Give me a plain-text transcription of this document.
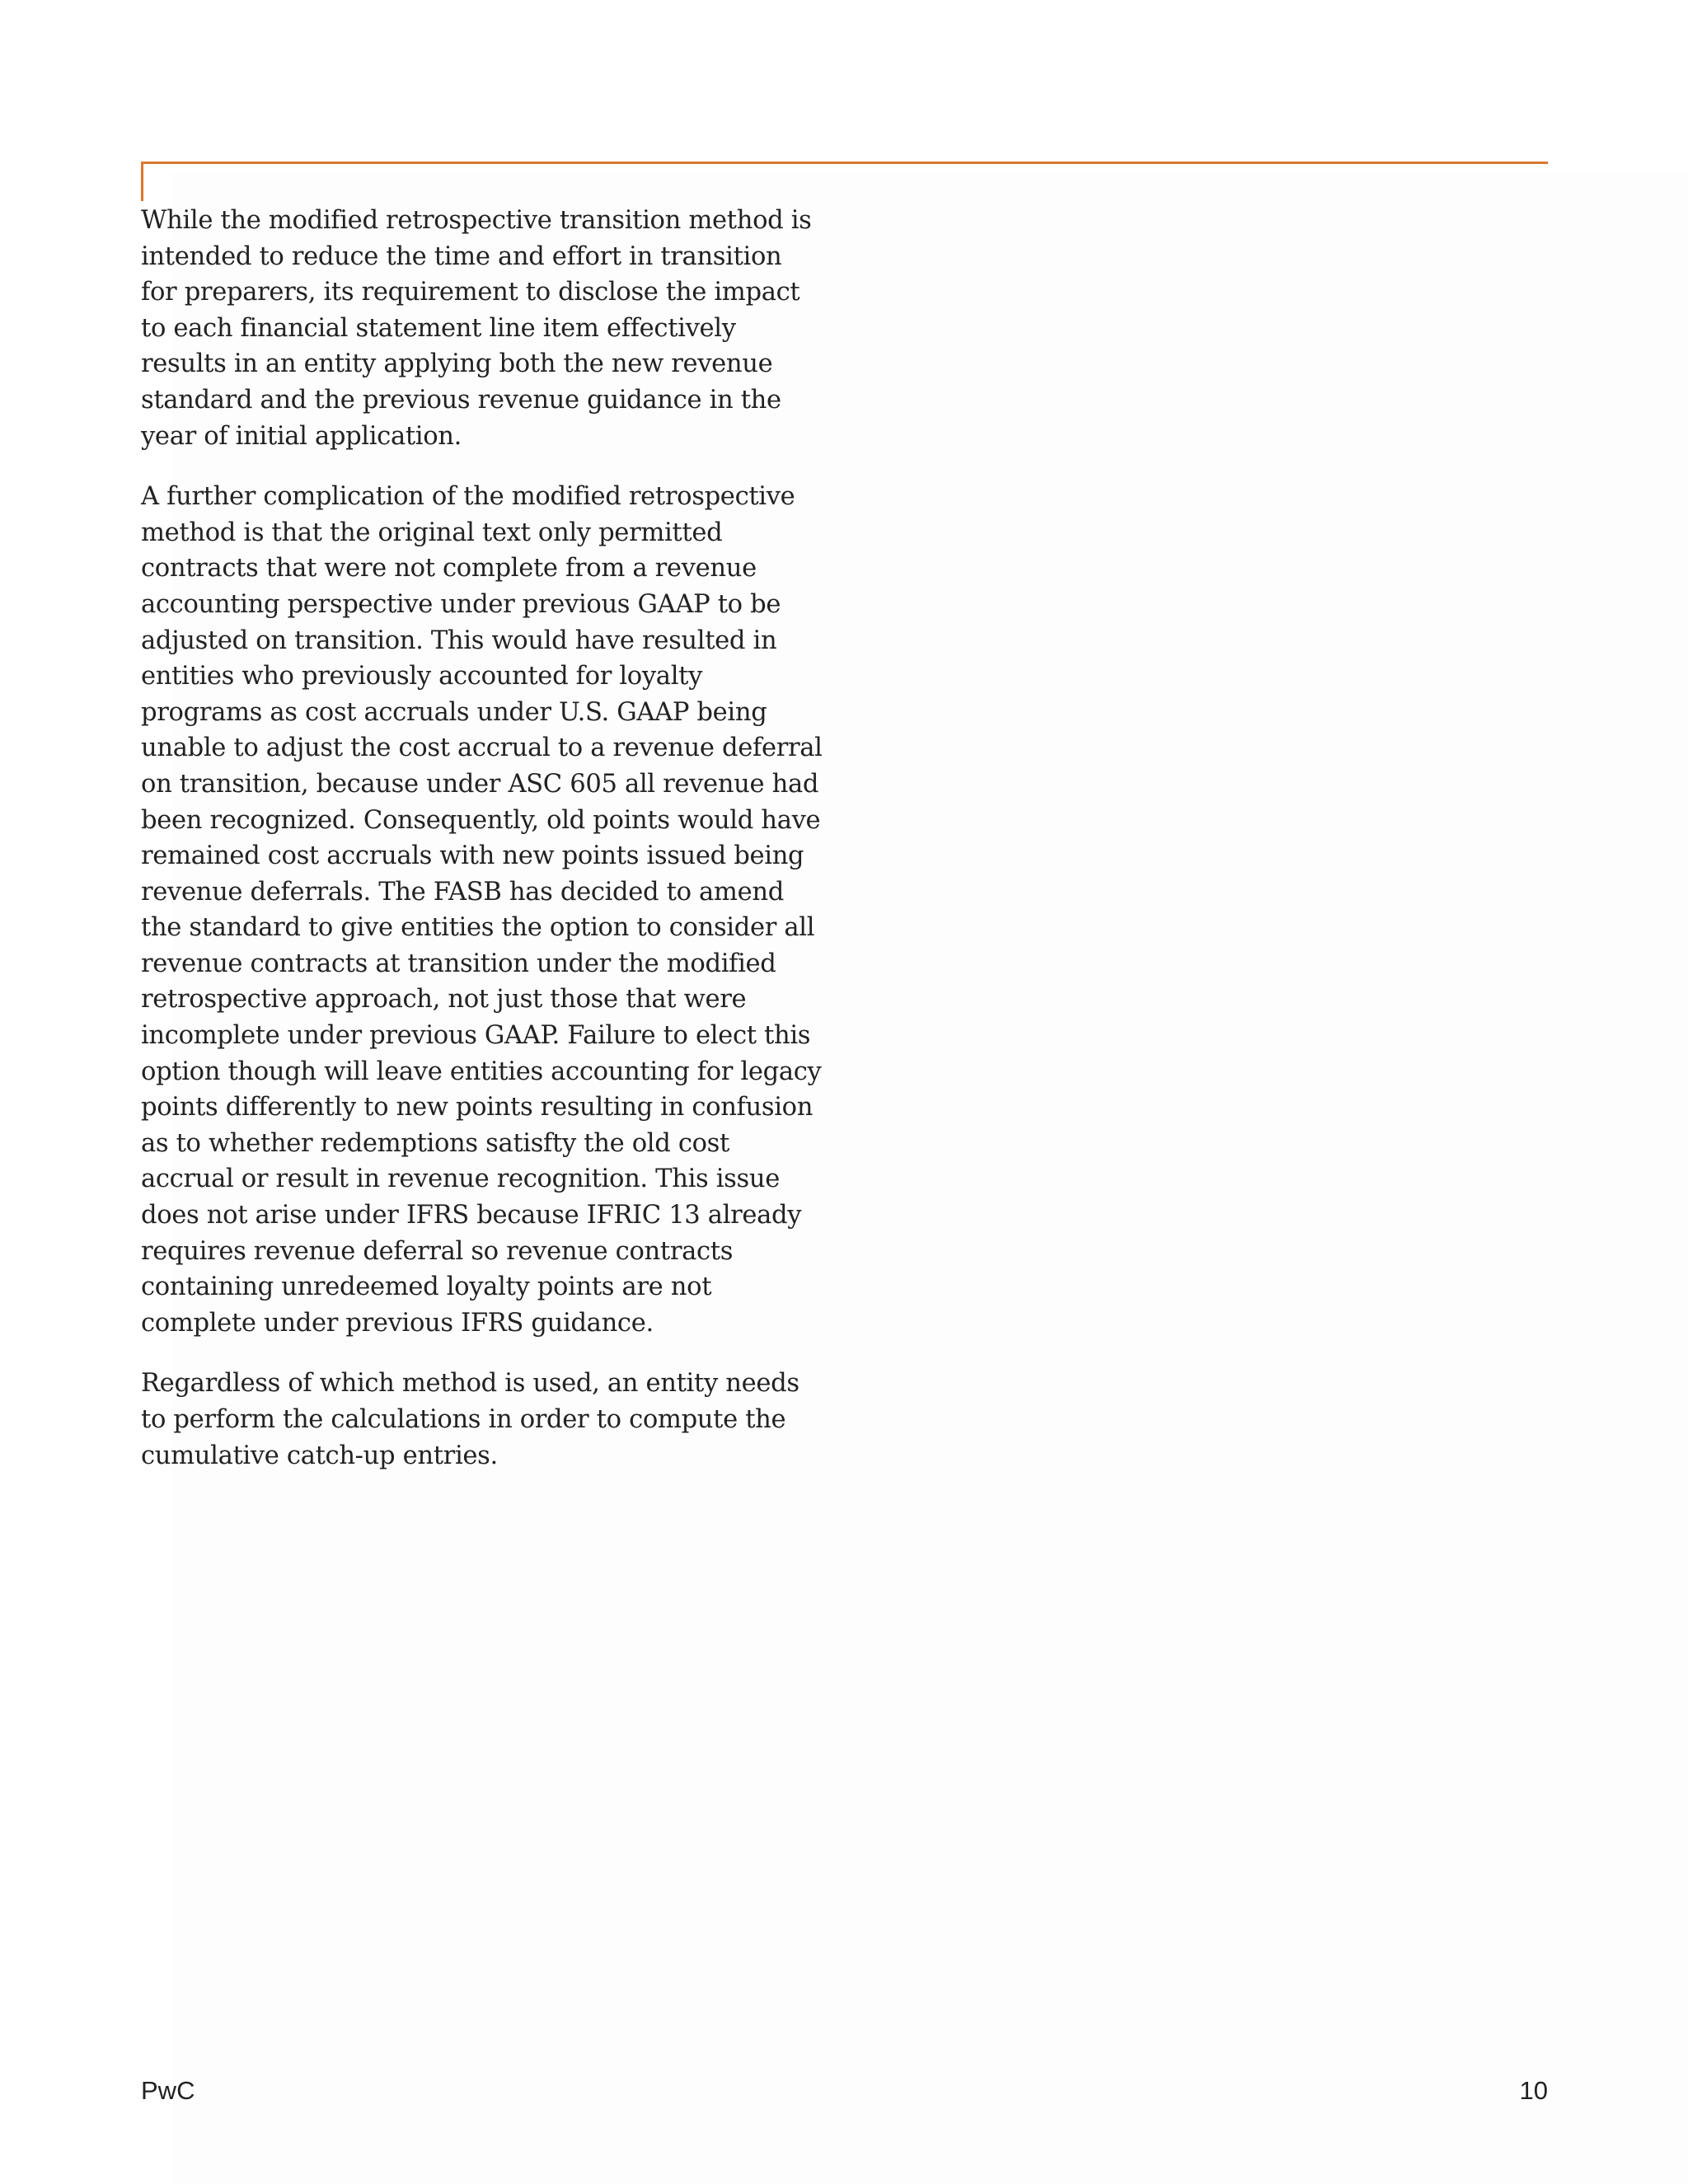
While the modified retrospective transition method is intended to reduce the time and effort in transition for preparers, its requirement to disclose the impact to each financial statement line item effectively results in an entity applying both the new revenue standard and the previous revenue guidance in the year of initial application.

A further complication of the modified retrospective method is that the original text only permitted contracts that were not complete from a revenue accounting perspective under previous GAAP to be adjusted on transition. This would have resulted in entities who previously accounted for loyalty programs as cost accruals under U.S. GAAP being unable to adjust the cost accrual to a revenue deferral on transition, because under ASC 605 all revenue had been recognized. Consequently, old points would have remained cost accruals with new points issued being revenue deferrals. The FASB has decided to amend the standard to give entities the option to consider all revenue contracts at transition under the modified retrospective approach, not just those that were incomplete under previous GAAP. Failure to elect this option though will leave entities accounting for legacy points differently to new points resulting in confusion as to whether redemptions satisfty the old cost accrual or result in revenue recognition. This issue does not arise under IFRS because IFRIC 13 already requires revenue deferral so revenue contracts containing unredeemed loyalty points are not complete under previous IFRS guidance.

Regardless of which method is used, an entity needs to perform the calculations in order to compute the cumulative catch-up entries.

PwC	10
